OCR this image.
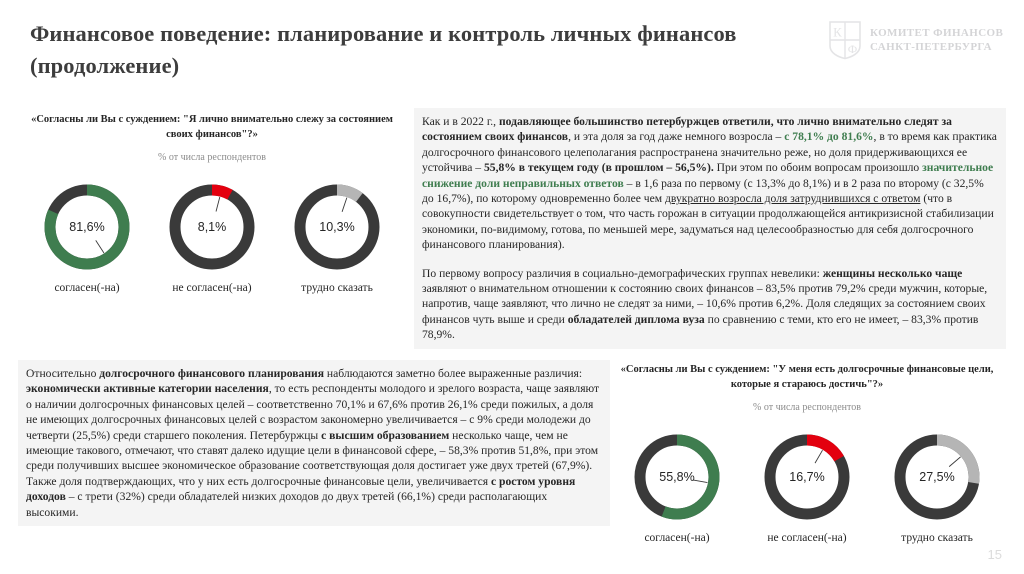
Финансовое поведение: планирование и контроль личных финансов (продолжение)
К
Ф
КОМИТЕТ ФИНАНСОВ
САНКТ-ПЕТЕРБУРГА
«Согласны ли Вы с суждением: "Я лично внимательно слежу за состоянием своих финансов"?»
% от числа респондентов
81,6%
согласен(-на)
8,1%
не согласен(-на)
10,3%
трудно сказать

Как и в 2022 г., подавляющее большинство петербуржцев ответили, что лично внимательно следят за состоянием своих финансов, и эта доля за год даже немного возросла – с 78,1% до 81,6%, в то время как практика долгосрочного финансового целеполагания распространена значительно реже, но доля придерживающихся ее устойчива – 55,8% в текущем году (в прошлом – 56,5%). При этом по обоим вопросам произошло значительное снижение доли неправильных ответов – в 1,6 раза по первому (с 13,3% до 8,1%) и в 2 раза по второму (с 32,5% до 16,7%), по которому одновременно более чем двукратно возросла доля затруднившихся с ответом (что в совокупности свидетельствует о том, что часть горожан в ситуации продолжающейся антикризисной стабилизации экономики, по-видимому, готова, по меньшей мере, задуматься над целесообразностью для себя долгосрочного финансового планирования).

По первому вопросу различия в социально-демографических группах невелики: женщины несколько чаще заявляют о внимательном отношении к состоянию своих финансов – 83,5% против 79,2% среди мужчин, которые, напротив, чаще заявляют, что лично не следят за ними, – 10,6% против 6,2%. Доля следящих за состоянием своих финансов чуть выше и среди обладателей диплома вуза по сравнению с теми, кто его не имеет, – 83,3% против 78,9%.

Относительно долгосрочного финансового планирования наблюдаются заметно более выраженные различия: экономически активные категории населения, то есть респонденты молодого и зрелого возраста, чаще заявляют о наличии долгосрочных финансовых целей – соответственно 70,1% и 67,6% против 26,1% среди пожилых, а доля не имеющих долгосрочных финансовых целей с возрастом закономерно увеличивается – с 9% среди молодежи до четверти (25,5%) среди старшего поколения. Петербуржцы с высшим образованием несколько чаще, чем не имеющие такового, отмечают, что ставят далеко идущие цели в финансовой сфере, – 58,3% против 51,8%, при этом среди получивших высшее экономическое образование соответствующая доля достигает уже двух третей (67,9%). Также доля подтверждающих, что у них есть долгосрочные финансовые цели, увеличивается с ростом уровня доходов – с трети (32%) среди обладателей низких доходов до двух третей (66,1%) среди располагающих высокими.

«Согласны ли Вы с суждением: "У меня есть долгосрочные финансовые цели, которые я стараюсь достичь"?»
% от числа респондентов
55,8%
согласен(-на)
16,7%
не согласен(-на)
27,5%
трудно сказать
15
